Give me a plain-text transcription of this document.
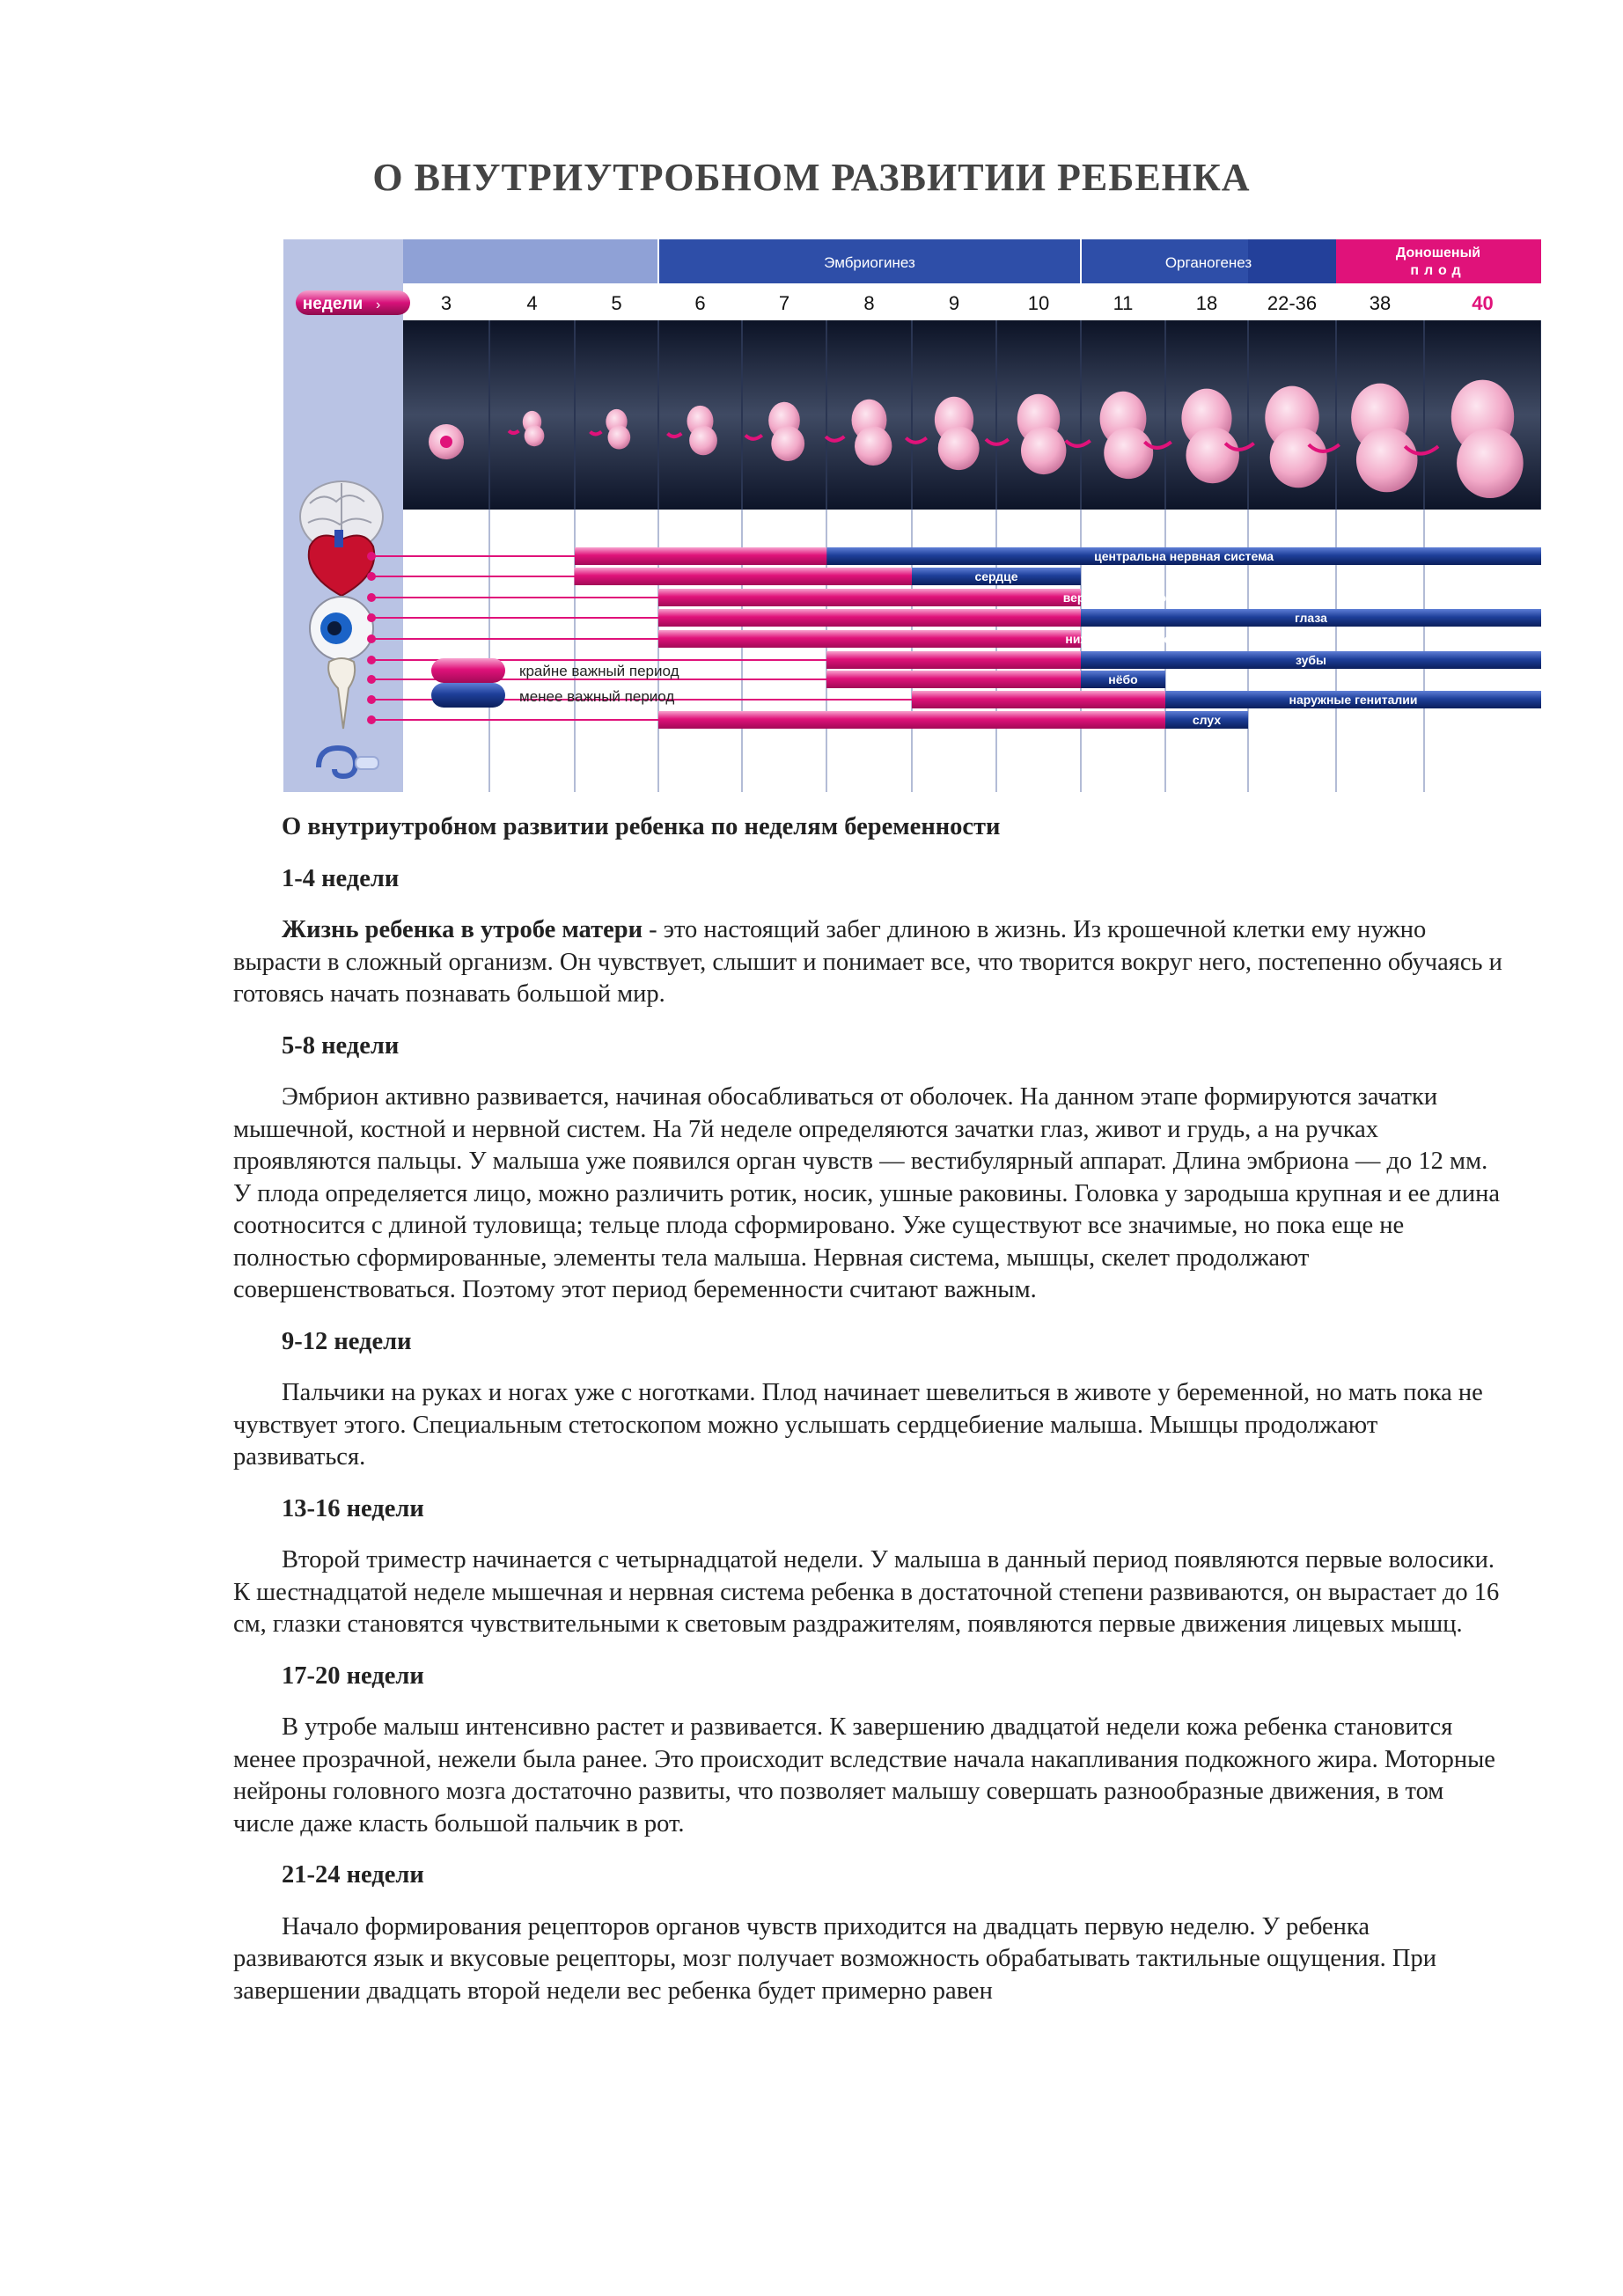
О ВНУТРИУТРОБНОМ РАЗВИТИИ РЕБЕНКА
Эмбриогинез	Органогенез
Доношеный плод
недели ›	3	4	5	6	7	8	9	10	11	18	22-36	38	40
центральна нервная система
сердце
верхние конечности
глаза
нижние конечности
зубы
нёбо
наружные гениталии
слух
крайне важный период
менее важный период
О внутриутробном развитии ребенка по неделям беременности
1-4 недели

Жизнь ребенка в утробе матери - это настоящий забег длиною в жизнь. Из крошечной клетки ему нужно вырасти в сложный организм. Он чувствует, слышит и понимает все, что творится вокруг него, постепенно обучаясь и готовясь начать познавать большой мир.

5-8 недели

Эмбрион активно развивается, начиная обосабливаться от оболочек. На данном этапе формируются зачатки мышечной, костной и нервной систем. На 7й неделе определяются зачатки глаз, живот и грудь, а на ручках проявляются пальцы. У малыша уже появился орган чувств — вестибулярный аппарат. Длина эмбриона — до 12 мм. У плода определяется лицо, можно различить ротик, носик, ушные раковины. Головка у зародыша крупная и ее длина соотносится с длиной туловища; тельце плода сформировано. Уже существуют все значимые, но пока еще не полностью сформированные, элементы тела малыша. Нервная система, мышцы, скелет продолжают совершенствоваться. Поэтому этот период беременности считают важным.

9-12 недели

Пальчики на руках и ногах уже с ноготками. Плод начинает шевелиться в животе у беременной, но мать пока не чувствует этого. Специальным стетоскопом можно услышать сердцебиение малыша. Мышцы продолжают развиваться.

13-16 недели

Второй триместр начинается с четырнадцатой недели. У малыша в данный период появляются первые волосики. К шестнадцатой неделе мышечная и нервная система ребенка в достаточной степени развиваются, он вырастает до 16 см, глазки становятся чувствительными к световым раздражителям, появляются первые движения лицевых мышц.

17-20 недели

В утробе малыш интенсивно растет и развивается. К завершению двадцатой недели кожа ребенка становится менее прозрачной, нежели была ранее. Это происходит вследствие начала накапливания подкожного жира. Моторные нейроны головного мозга достаточно развиты, что позволяет малышу совершать разнообразные движения, в том числе даже класть большой пальчик в рот.

21-24 недели

Начало формирования рецепторов органов чувств приходится на двадцать первую неделю. У ребенка развиваются язык и вкусовые рецепторы, мозг получает возможность обрабатывать тактильные ощущения. При завершении двадцать второй недели вес ребенка будет примерно равен
